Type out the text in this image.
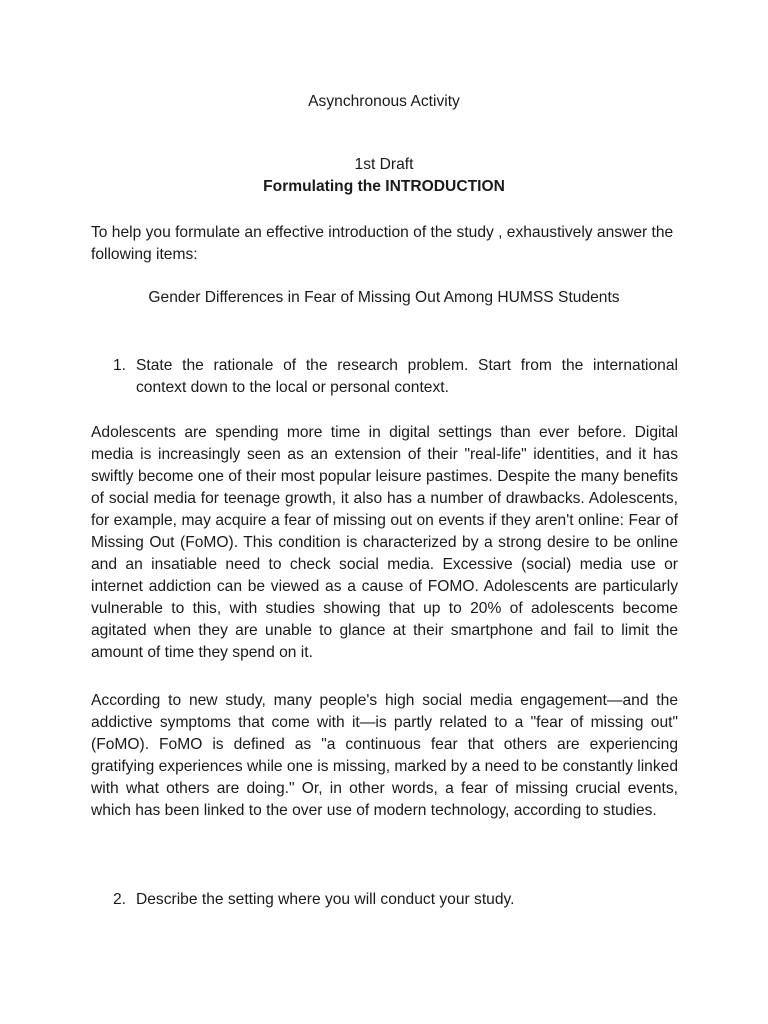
Asynchronous Activity
1st Draft
Formulating the INTRODUCTION

To help you formulate an effective introduction of the study , exhaustively answer the following items:

Gender Differences in Fear of Missing Out Among HUMSS Students
1. State the rationale of the research problem. Start from the international context down to the local or personal context.

Adolescents are spending more time in digital settings than ever before. Digital media is increasingly seen as an extension of their "real-life" identities, and it has swiftly become one of their most popular leisure pastimes. Despite the many benefits of social media for teenage growth, it also has a number of drawbacks. Adolescents, for example, may acquire a fear of missing out on events if they aren't online: Fear of Missing Out (FoMO). This condition is characterized by a strong desire to be online and an insatiable need to check social media. Excessive (social) media use or internet addiction can be viewed as a cause of FOMO. Adolescents are particularly vulnerable to this, with studies showing that up to 20% of adolescents become agitated when they are unable to glance at their smartphone and fail to limit the amount of time they spend on it.

According to new study, many people's high social media engagement—and the addictive symptoms that come with it—is partly related to a "fear of missing out" (FoMO). FoMO is defined as "a continuous fear that others are experiencing gratifying experiences while one is missing, marked by a need to be constantly linked with what others are doing." Or, in other words, a fear of missing crucial events, which has been linked to the over use of modern technology, according to studies.

2. Describe the setting where you will conduct your study.
